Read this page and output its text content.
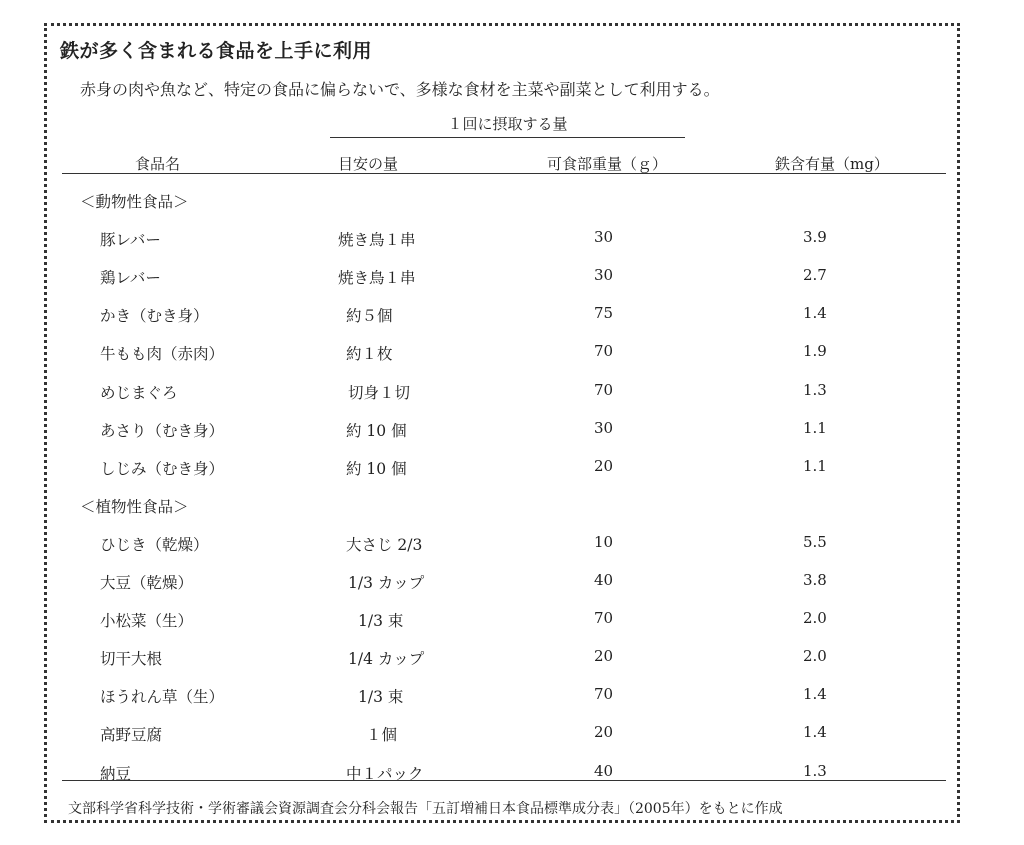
鉄が多く含まれる食品を上手に利用
赤身の肉や魚など、特定の食品に偏らないで、多様な食材を主菜や副菜として利用する。
１回に摂取する量
食品名	目安の量	可食部重量（ｇ）	鉄含有量（mg）
＜動物性食品＞
豚レバー	焼き鳥１串	30	3.9
鶏レバー	焼き鳥１串	30	2.7
かき（むき身）	約５個	75	1.4
牛もも肉（赤肉）	約１枚	70	1.9
めじまぐろ	切身１切	70	1.3
あさり（むき身）	約 10 個	30	1.1
しじみ（むき身）	約 10 個	20	1.1
＜植物性食品＞
ひじき（乾燥）	大さじ 2/3	10	5.5
大豆（乾燥）	1/3 カップ	40	3.8
小松菜（生）	1/3 束	70	2.0
切干大根	1/4 カップ	20	2.0
ほうれん草（生）	1/3 束	70	1.4
高野豆腐	１個	20	1.4
納豆	中１パック	40	1.3
文部科学省科学技術・学術審議会資源調査会分科会報告「五訂増補日本食品標準成分表」（2005年）をもとに作成
